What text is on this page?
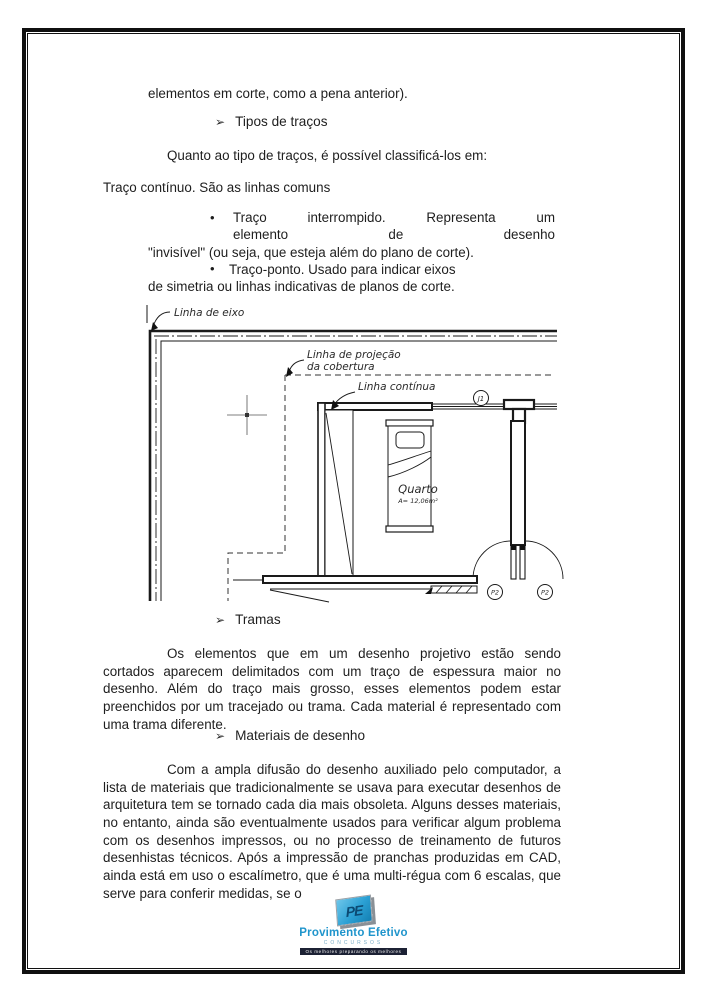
elementos em corte, como a pena anterior).
➢ Tipos de traços
Quanto ao tipo de traços, é possível classificá-los em:
Traço contínuo. São as linhas comuns
• Traço	interrompido.	Representa	um
elemento	de	desenho
"invisível" (ou seja, que esteja além do plano de corte).
• Traço-ponto. Usado para indicar eixos
de simetria ou linhas indicativas de planos de corte.
Linha de eixo
Linha de projeção
da cobertura
Linha contínua
J1
Quarto
A= 12,06m²
P2	P2
➢ Tramas
Os elementos que em um desenho projetivo estão sendo cortados aparecem delimitados com um traço de espessura maior no desenho. Além do traço mais grosso, esses elementos podem estar preenchidos por um tracejado ou trama. Cada material é representado com uma trama diferente.
➢ Materiais de desenho
Com a ampla difusão do desenho auxiliado pelo computador, a lista de materiais que tradicionalmente se usava para executar desenhos de arquitetura tem se tornado cada dia mais obsoleta. Alguns desses materiais, no entanto, ainda são eventualmente usados para verificar algum problema com os desenhos impressos, ou no processo de treinamento de futuros desenhistas técnicos. Após a impressão de pranchas produzidas em CAD, ainda está em uso o escalímetro, que é uma multi-régua com 6 escalas, que serve para conferir medidas, se o
PE
Provimento Efetivo
CONCURSOS
Os melhores preparando os melhores
